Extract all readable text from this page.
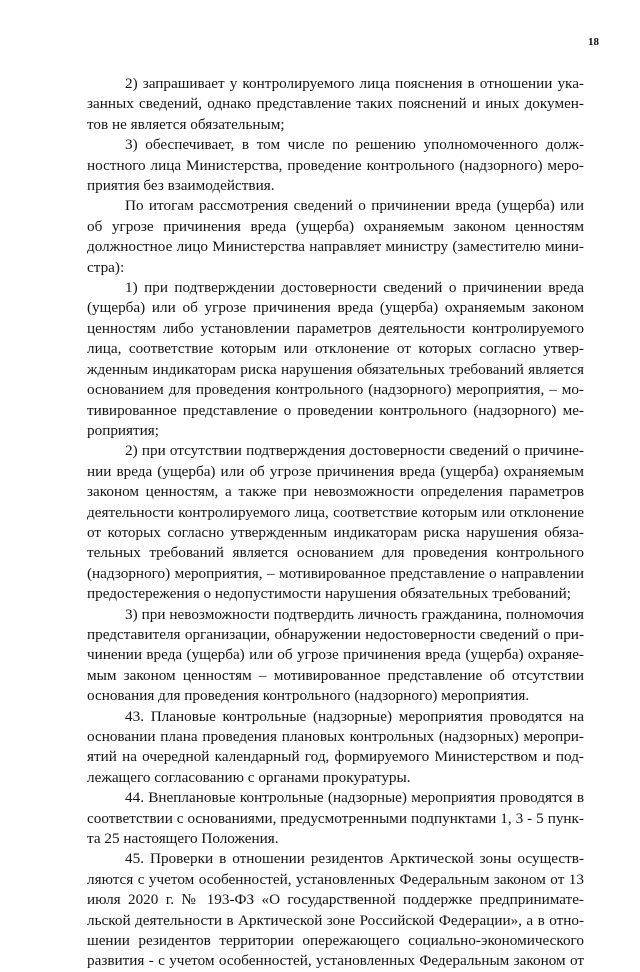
18

2) запрашивает у контролируемого лица пояснения в отношении ука-
занных сведений, однако представление таких пояснений и иных докумен-
тов не является обязательным;

3) обеспечивает, в том числе по решению уполномоченного долж-
ностного лица Министерства, проведение контрольного (надзорного) меро-
приятия без взаимодействия.

По итогам рассмотрения сведений о причинении вреда (ущерба) или
об угрозе причинения вреда (ущерба) охраняемым законом ценностям
должностное лицо Министерства направляет министру (заместителю мини-
стра):

1) при подтверждении достоверности сведений о причинении вреда
(ущерба) или об угрозе причинения вреда (ущерба) охраняемым законом
ценностям либо установлении параметров деятельности контролируемого
лица, соответствие которым или отклонение от которых согласно утвер-
жденным индикаторам риска нарушения обязательных требований является
основанием для проведения контрольного (надзорного) мероприятия, – мо-
тивированное представление о проведении контрольного (надзорного) ме-
роприятия;

2) при отсутствии подтверждения достоверности сведений о причине-
нии вреда (ущерба) или об угрозе причинения вреда (ущерба) охраняемым
законом ценностям, а также при невозможности определения параметров
деятельности контролируемого лица, соответствие которым или отклонение
от которых согласно утвержденным индикаторам риска нарушения обяза-
тельных требований является основанием для проведения контрольного
(надзорного) мероприятия, – мотивированное представление о направлении
предостережения о недопустимости нарушения обязательных требований;

3) при невозможности подтвердить личность гражданина, полномочия
представителя организации, обнаружении недостоверности сведений о при-
чинении вреда (ущерба) или об угрозе причинения вреда (ущерба) охраняе-
мым законом ценностям – мотивированное представление об отсутствии
основания для проведения контрольного (надзорного) мероприятия.

43. Плановые контрольные (надзорные) мероприятия проводятся на
основании плана проведения плановых контрольных (надзорных) меропри-
ятий на очередной календарный год, формируемого Министерством и под-
лежащего согласованию с органами прокуратуры.

44. Внеплановые контрольные (надзорные) мероприятия проводятся в
соответствии с основаниями, предусмотренными подпунктами 1, 3 - 5 пунк-
та 25 настоящего Положения.

45. Проверки в отношении резидентов Арктической зоны осуществ-
ляются с учетом особенностей, установленных Федеральным законом от 13
июля 2020 г. № 193-ФЗ «О государственной поддержке предпринимате-
льской деятельности в Арктической зоне Российской Федерации», а в отно-
шении резидентов территории опережающего социально-экономического
развития - с учетом особенностей, установленных Федеральным законом от
